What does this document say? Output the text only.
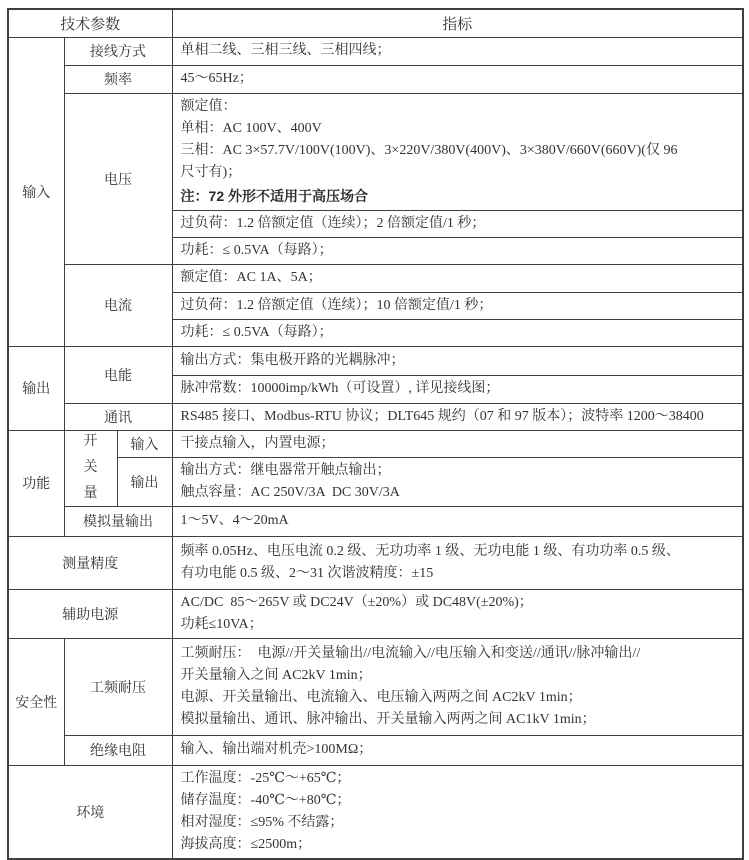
技术参数			指标
输入	接线方式		单相二线、三相三线、三相四线；
	频率		45～65Hz；
	电压		额定值：
单相：AC 100V、400V
三相：AC 3×57.7V/100V(100V)、3×220V/380V(400V)、3×380V/660V(660V)(仅 96
尺寸有)；
注：72 外形不适用于高压场合

			过负荷：1.2 倍额定值（连续）；2 倍额定值/1 秒；
			功耗：≤ 0.5VA（每路）；
	电流		额定值：AC 1A、5A；
			过负荷：1.2 倍额定值（连续）；10 倍额定值/1 秒；
			功耗：≤ 0.5VA（每路）；
输出	电能		输出方式：集电极开路的光耦脉冲；
			脉冲常数：10000imp/kWh（可设置）, 详见接线图；
	通讯		RS485 接口、Modbus-RTU 协议；DLT645 规约（07 和 97 版本）；波特率 1200～38400
功能	开
关
量	输入	干接点输入，内置电源；
		输出	输出方式：继电器常开触点输出；
触点容量：AC 250V/3A  DC 30V/3A

	模拟量输出		1～5V、4～20mA
测量精度			频率 0.05Hz、电压电流 0.2 级、无功功率 1 级、无功电能 1 级、有功功率 0.5 级、
有功电能 0.5 级、2～31 次谐波精度：±15

辅助电源			AC/DC  85～265V 或 DC24V（±20%）或 DC48V(±20%)；
功耗≤10VA；

安全性	工频耐压		工频耐压：  电源//开关量输出//电流输入//电压输入和变送//通讯//脉冲输出//
开关量输入之间 AC2kV 1min；
电源、开关量输出、电流输入、电压输入两两之间 AC2kV 1min；
模拟量输出、通讯、脉冲输出、开关量输入两两之间 AC1kV 1min；

	绝缘电阻		输入、输出端对机壳>100MΩ；
环境			工作温度：-25℃～+65℃；
储存温度：-40℃～+80℃；
相对湿度：≤95% 不结露；
海拔高度：≤2500m；
